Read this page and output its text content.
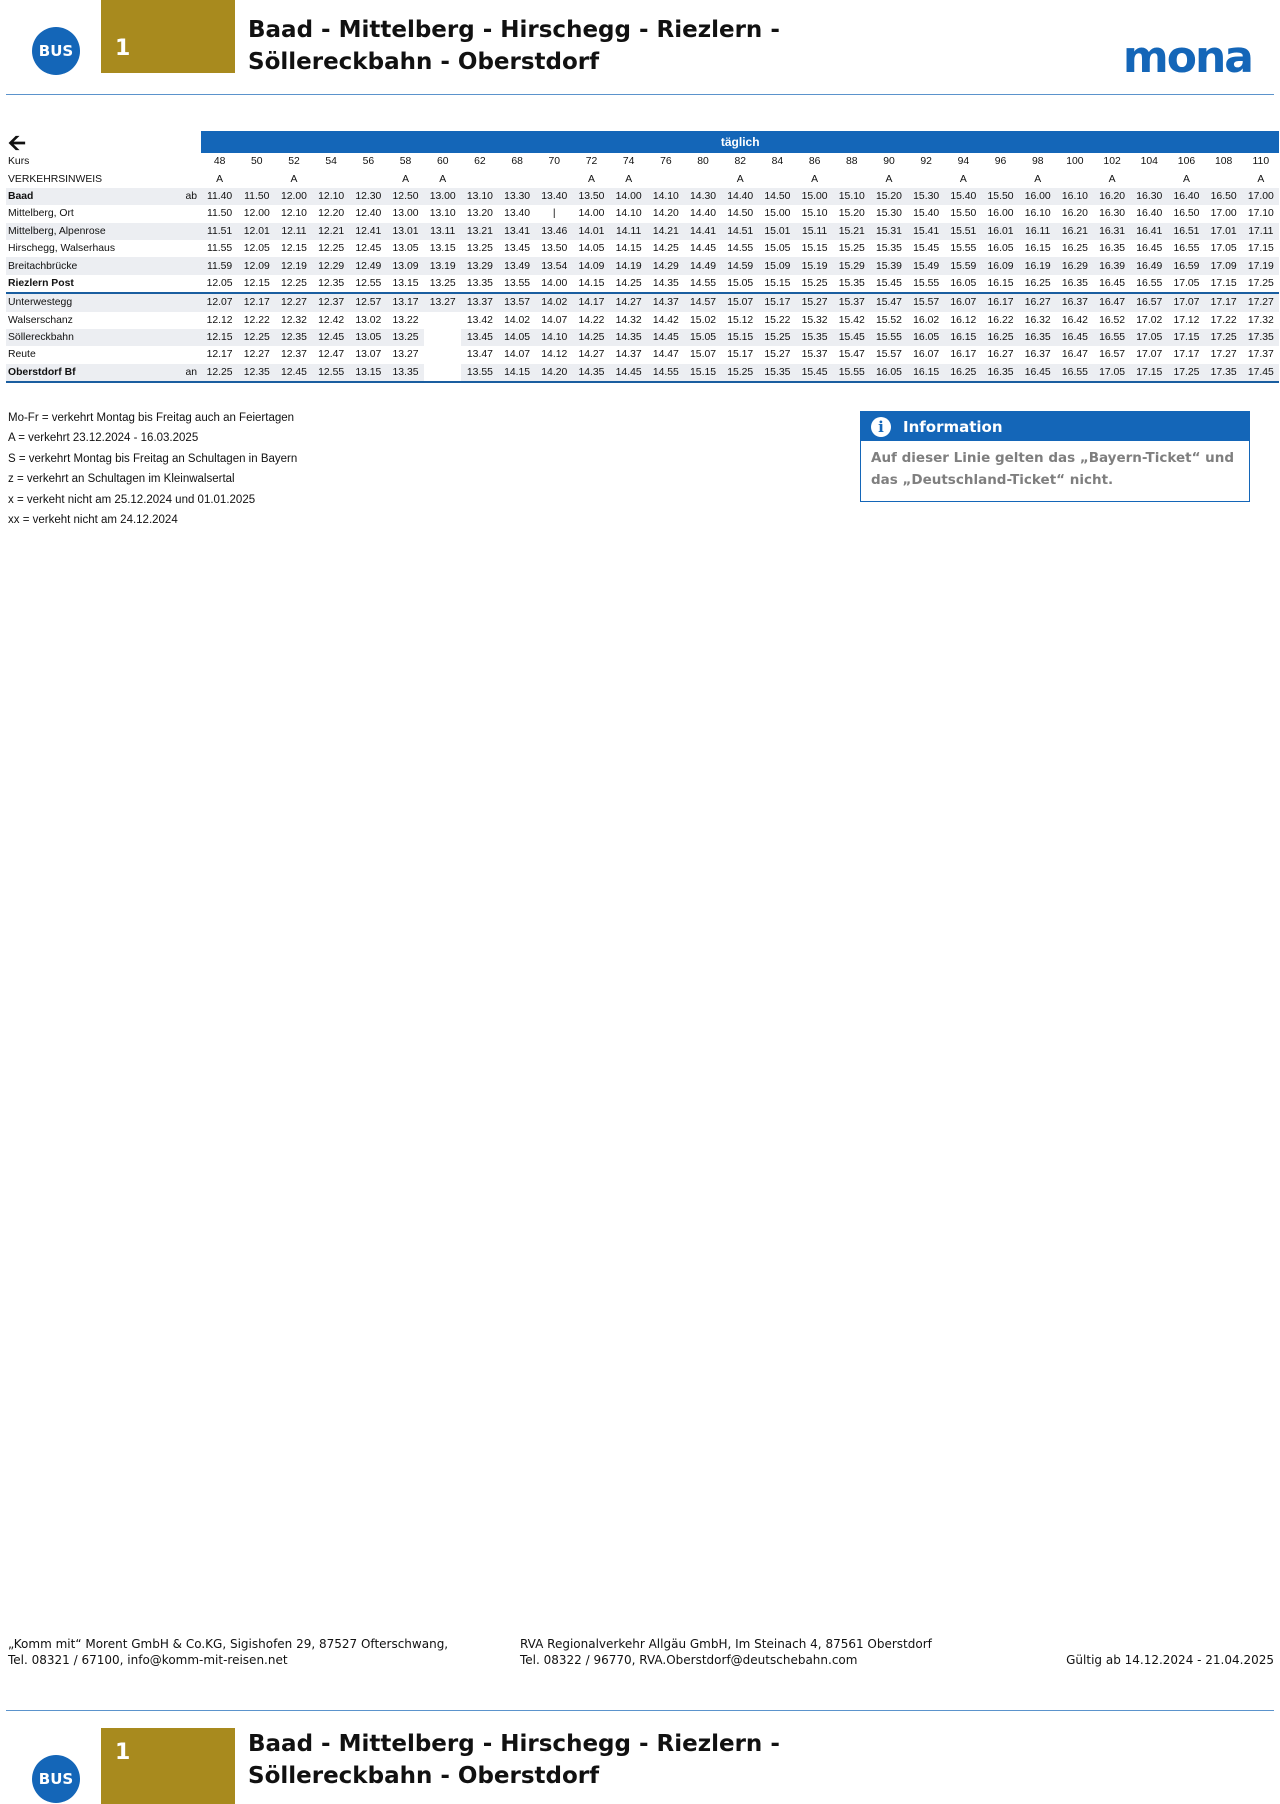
BUS	1
Baad - Mittelberg - Hirschegg - Riezlern -
Söllereckbahn - Oberstdorf	mona
🡨
			täglich																												
Kurs		48	50	52	54	56	58	60	62	68	70	72	74	76	80	82	84	86	88	90	92	94	96	98	100	102	104	106	108	110
VERKEHRSINWEIS		A		A			A	A				A	A			A		A		A		A		A		A		A		A
Baad	ab	11.40	11.50	12.00	12.10	12.30	12.50	13.00	13.10	13.30	13.40	13.50	14.00	14.10	14.30	14.40	14.50	15.00	15.10	15.20	15.30	15.40	15.50	16.00	16.10	16.20	16.30	16.40	16.50	17.00
Mittelberg, Ort		11.50	12.00	12.10	12.20	12.40	13.00	13.10	13.20	13.40	|	14.00	14.10	14.20	14.40	14.50	15.00	15.10	15.20	15.30	15.40	15.50	16.00	16.10	16.20	16.30	16.40	16.50	17.00	17.10
Mittelberg, Alpenrose		11.51	12.01	12.11	12.21	12.41	13.01	13.11	13.21	13.41	13.46	14.01	14.11	14.21	14.41	14.51	15.01	15.11	15.21	15.31	15.41	15.51	16.01	16.11	16.21	16.31	16.41	16.51	17.01	17.11
Hirschegg, Walserhaus		11.55	12.05	12.15	12.25	12.45	13.05	13.15	13.25	13.45	13.50	14.05	14.15	14.25	14.45	14.55	15.05	15.15	15.25	15.35	15.45	15.55	16.05	16.15	16.25	16.35	16.45	16.55	17.05	17.15
Breitachbrücke		11.59	12.09	12.19	12.29	12.49	13.09	13.19	13.29	13.49	13.54	14.09	14.19	14.29	14.49	14.59	15.09	15.19	15.29	15.39	15.49	15.59	16.09	16.19	16.29	16.39	16.49	16.59	17.09	17.19
Riezlern Post		12.05	12.15	12.25	12.35	12.55	13.15	13.25	13.35	13.55	14.00	14.15	14.25	14.35	14.55	15.05	15.15	15.25	15.35	15.45	15.55	16.05	16.15	16.25	16.35	16.45	16.55	17.05	17.15	17.25
Unterwestegg		12.07	12.17	12.27	12.37	12.57	13.17	13.27	13.37	13.57	14.02	14.17	14.27	14.37	14.57	15.07	15.17	15.27	15.37	15.47	15.57	16.07	16.17	16.27	16.37	16.47	16.57	17.07	17.17	17.27
Walserschanz		12.12	12.22	12.32	12.42	13.02	13.22		13.42	14.02	14.07	14.22	14.32	14.42	15.02	15.12	15.22	15.32	15.42	15.52	16.02	16.12	16.22	16.32	16.42	16.52	17.02	17.12	17.22	17.32
Söllereckbahn		12.15	12.25	12.35	12.45	13.05	13.25		13.45	14.05	14.10	14.25	14.35	14.45	15.05	15.15	15.25	15.35	15.45	15.55	16.05	16.15	16.25	16.35	16.45	16.55	17.05	17.15	17.25	17.35
Reute		12.17	12.27	12.37	12.47	13.07	13.27		13.47	14.07	14.12	14.27	14.37	14.47	15.07	15.17	15.27	15.37	15.47	15.57	16.07	16.17	16.27	16.37	16.47	16.57	17.07	17.17	17.27	17.37
Oberstdorf Bf	an	12.25	12.35	12.45	12.55	13.15	13.35		13.55	14.15	14.20	14.35	14.45	14.55	15.15	15.25	15.35	15.45	15.55	16.05	16.15	16.25	16.35	16.45	16.55	17.05	17.15	17.25	17.35	17.45
Mo-Fr = verkehrt Montag bis Freitag auch an Feiertagen
A = verkehrt 23.12.2024 - 16.03.2025
S = verkehrt Montag bis Freitag an Schultagen in Bayern
z = verkehrt an Schultagen im Kleinwalsertal
x = verkeht nicht am 25.12.2024 und 01.01.2025
xx = verkeht nicht am 24.12.2024
i	Information
Auf dieser Linie gelten das „Bayern-Ticket“ und
das „Deutschland-Ticket“ nicht.
„Komm mit“ Morent GmbH & Co.KG, Sigishofen 29, 87527 Ofterschwang,
Tel. 08321 / 67100, info@komm-mit-reisen.net
RVA Regionalverkehr Allgäu GmbH, Im Steinach 4, 87561 Oberstdorf
Tel. 08322 / 96770, RVA.Oberstdorf@deutschebahn.com	Gültig ab 14.12.2024 - 21.04.2025
BUS
1	Baad - Mittelberg - Hirschegg - Riezlern -
Söllereckbahn - Oberstdorf
